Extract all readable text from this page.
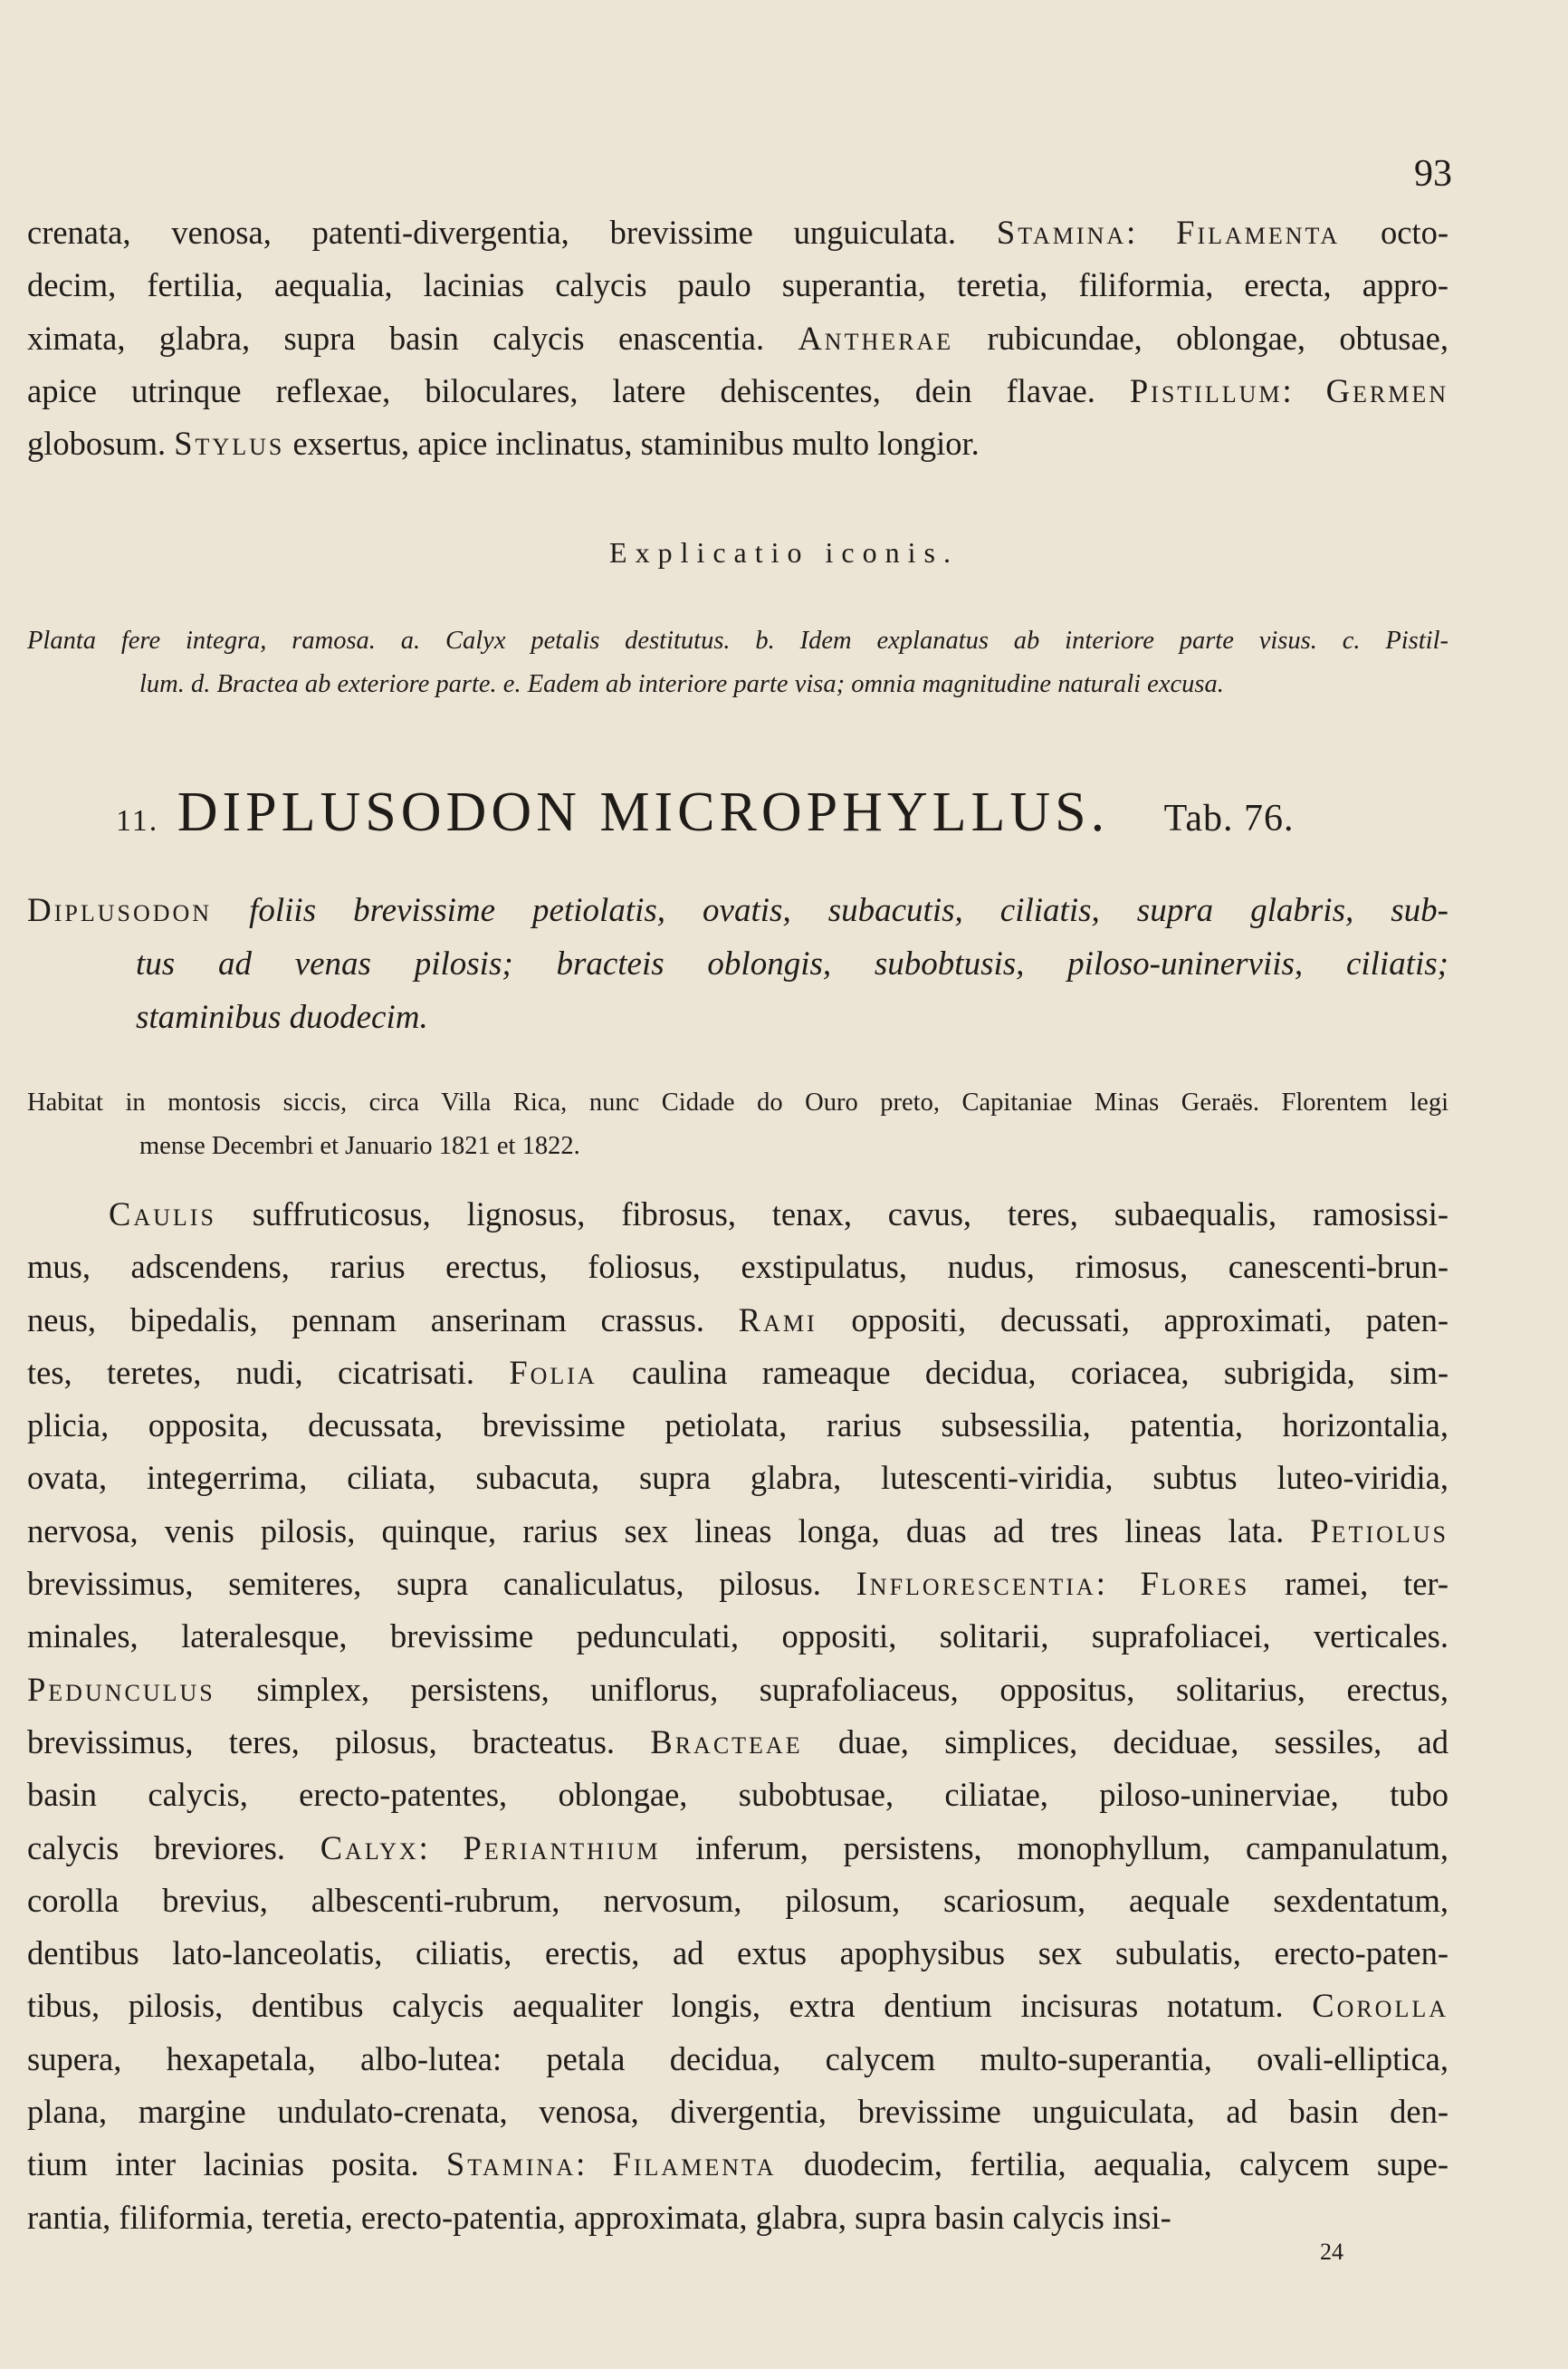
93
crenata, venosa, patenti-divergentia, brevissime unguiculata. Stamina: Filamenta octo-
decim, fertilia, aequalia, lacinias calycis paulo superantia, teretia, filiformia, erecta, appro-
ximata, glabra, supra basin calycis enascentia. Antherae rubicundae, oblongae, obtusae,
apice utrinque reflexae, biloculares, latere dehiscentes, dein flavae. Pistillum: Germen
globosum. Stylus exsertus, apice inclinatus, staminibus multo longior.
Explicatio iconis.
Planta fere integra, ramosa. a. Calyx petalis destitutus. b. Idem explanatus ab interiore parte visus. c. Pistil-
lum. d. Bractea ab exteriore parte. e. Eadem ab interiore parte visa; omnia magnitudine naturali excusa.
11. DIPLUSODON MICROPHYLLUS. Tab. 76.
Diplusodon foliis brevissime petiolatis, ovatis, subacutis, ciliatis, supra glabris, sub-
tus ad venas pilosis; bracteis oblongis, subobtusis, piloso-uninerviis, ciliatis;
staminibus duodecim.
Habitat in montosis siccis, circa Villa Rica, nunc Cidade do Ouro preto, Capitaniae Minas Geraës. Florentem legi
mense Decembri et Januario 1821 et 1822.
Caulis suffruticosus, lignosus, fibrosus, tenax, cavus, teres, subaequalis, ramosissi-
mus, adscendens, rarius erectus, foliosus, exstipulatus, nudus, rimosus, canescenti-brun-
neus, bipedalis, pennam anserinam crassus. Rami oppositi, decussati, approximati, paten-
tes, teretes, nudi, cicatrisati. Folia caulina rameaque decidua, coriacea, subrigida, sim-
plicia, opposita, decussata, brevissime petiolata, rarius subsessilia, patentia, horizontalia,
ovata, integerrima, ciliata, subacuta, supra glabra, lutescenti-viridia, subtus luteo-viridia,
nervosa, venis pilosis, quinque, rarius sex lineas longa, duas ad tres lineas lata. Petiolus
brevissimus, semiteres, supra canaliculatus, pilosus. Inflorescentia: Flores ramei, ter-
minales, lateralesque, brevissime pedunculati, oppositi, solitarii, suprafoliacei, verticales.
Pedunculus simplex, persistens, uniflorus, suprafoliaceus, oppositus, solitarius, erectus,
brevissimus, teres, pilosus, bracteatus. Bracteae duae, simplices, deciduae, sessiles, ad
basin calycis, erecto-patentes, oblongae, subobtusae, ciliatae, piloso-uninerviae, tubo
calycis breviores. Calyx: Perianthium inferum, persistens, monophyllum, campanulatum,
corolla brevius, albescenti-rubrum, nervosum, pilosum, scariosum, aequale sexdentatum,
dentibus lato-lanceolatis, ciliatis, erectis, ad extus apophysibus sex subulatis, erecto-paten-
tibus, pilosis, dentibus calycis aequaliter longis, extra dentium incisuras notatum. Corolla
supera, hexapetala, albo-lutea: petala decidua, calycem multo-superantia, ovali-elliptica,
plana, margine undulato-crenata, venosa, divergentia, brevissime unguiculata, ad basin den-
tium inter lacinias posita. Stamina: Filamenta duodecim, fertilia, aequalia, calycem supe-
rantia, filiformia, teretia, erecto-patentia, approximata, glabra, supra basin calycis insi-
24
